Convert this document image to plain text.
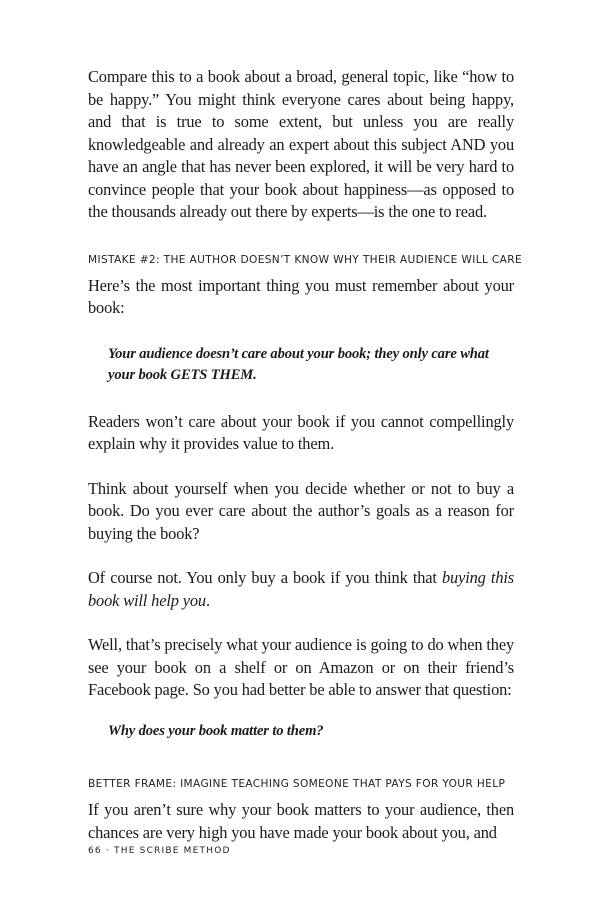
Compare this to a book about a broad, general topic, like “how to be happy.” You might think everyone cares about being happy, and that is true to some extent, but unless you are really knowledgeable and already an expert about this subject AND you have an angle that has never been explored, it will be very hard to convince people that your book about happiness—as opposed to the thousands already out there by experts—is the one to read.

MISTAKE #2: THE AUTHOR DOESN’T KNOW WHY THEIR AUDIENCE WILL CARE

Here’s the most important thing you must remember about your book:

Your audience doesn’t care about your book; they only care what your book GETS THEM.

Readers won’t care about your book if you cannot compellingly explain why it provides value to them.

Think about yourself when you decide whether or not to buy a book. Do you ever care about the author’s goals as a reason for buying the book?

Of course not. You only buy a book if you think that buying this book will help you.

Well, that’s precisely what your audience is going to do when they see your book on a shelf or on Amazon or on their friend’s Facebook page. So you had better be able to answer that question:

Why does your book matter to them?

BETTER FRAME: IMAGINE TEACHING SOMEONE THAT PAYS FOR YOUR HELP

If you aren’t sure why your book matters to your audience, then chances are very high you have made your book about you, and

66 · THE SCRIBE METHOD
